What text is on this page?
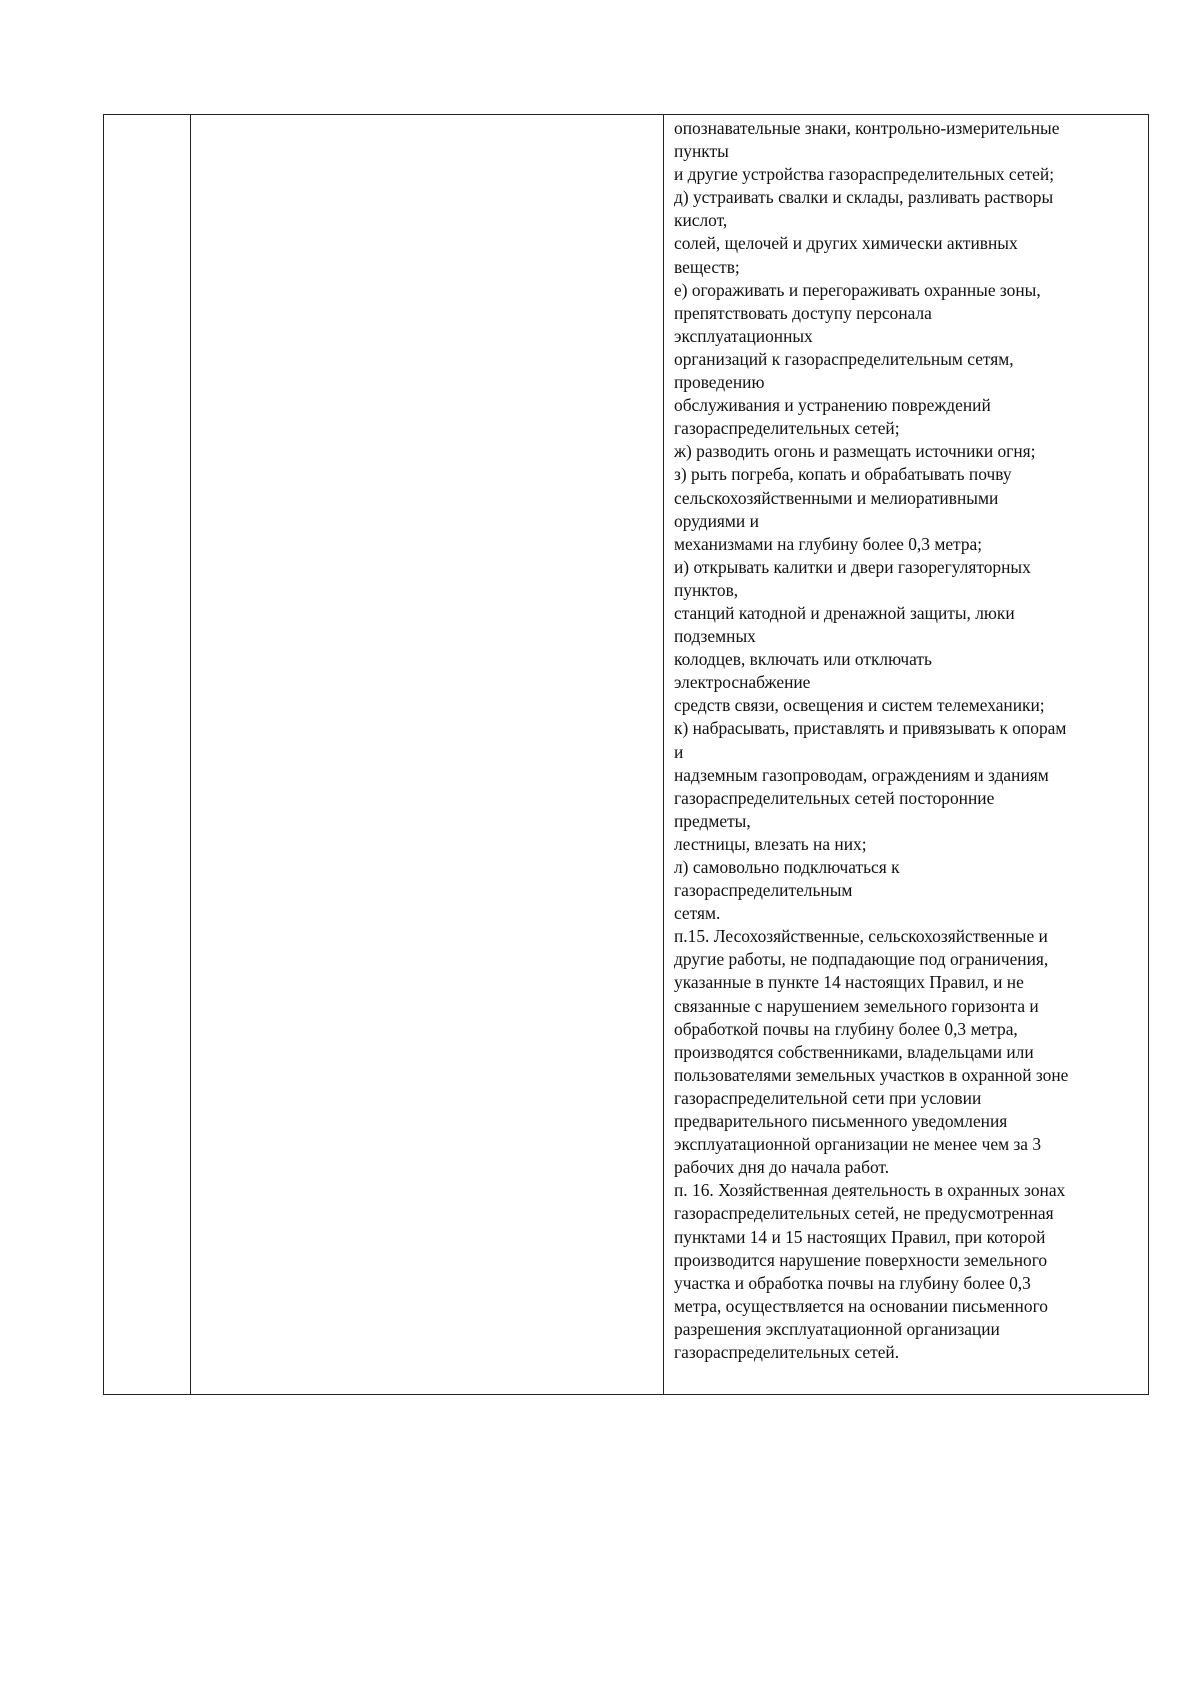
опознавательные знаки, контрольно-измерительные
пункты
и другие устройства газораспределительных сетей;
д) устраивать свалки и склады, разливать растворы
кислот,
солей, щелочей и других химически активных
веществ;
е) огораживать и перегораживать охранные зоны,
препятствовать доступу персонала
эксплуатационных
организаций к газораспределительным сетям,
проведению
обслуживания и устранению повреждений
газораспределительных сетей;
ж) разводить огонь и размещать источники огня;
з) рыть погреба, копать и обрабатывать почву
сельскохозяйственными и мелиоративными
орудиями и
механизмами на глубину более 0,3 метра;
и) открывать калитки и двери газорегуляторных
пунктов,
станций катодной и дренажной защиты, люки
подземных
колодцев, включать или отключать
электроснабжение
средств связи, освещения и систем телемеханики;
к) набрасывать, приставлять и привязывать к опорам
и
надземным газопроводам, ограждениям и зданиям
газораспределительных сетей посторонние
предметы,
лестницы, влезать на них;
л) самовольно подключаться к
газораспределительным
сетям.
п.15. Лесохозяйственные, сельскохозяйственные и
другие работы, не подпадающие под ограничения,
указанные в пункте 14 настоящих Правил, и не
связанные с нарушением земельного горизонта и
обработкой почвы на глубину более 0,3 метра,
производятся собственниками, владельцами или
пользователями земельных участков в охранной зоне
газораспределительной сети при условии
предварительного письменного уведомления
эксплуатационной организации не менее чем за 3
рабочих дня до начала работ.
п. 16. Хозяйственная деятельность в охранных зонах
газораспределительных сетей, не предусмотренная
пунктами 14 и 15 настоящих Правил, при которой
производится нарушение поверхности земельного
участка и обработка почвы на глубину более 0,3
метра, осуществляется на основании письменного
разрешения эксплуатационной организации
газораспределительных сетей.
